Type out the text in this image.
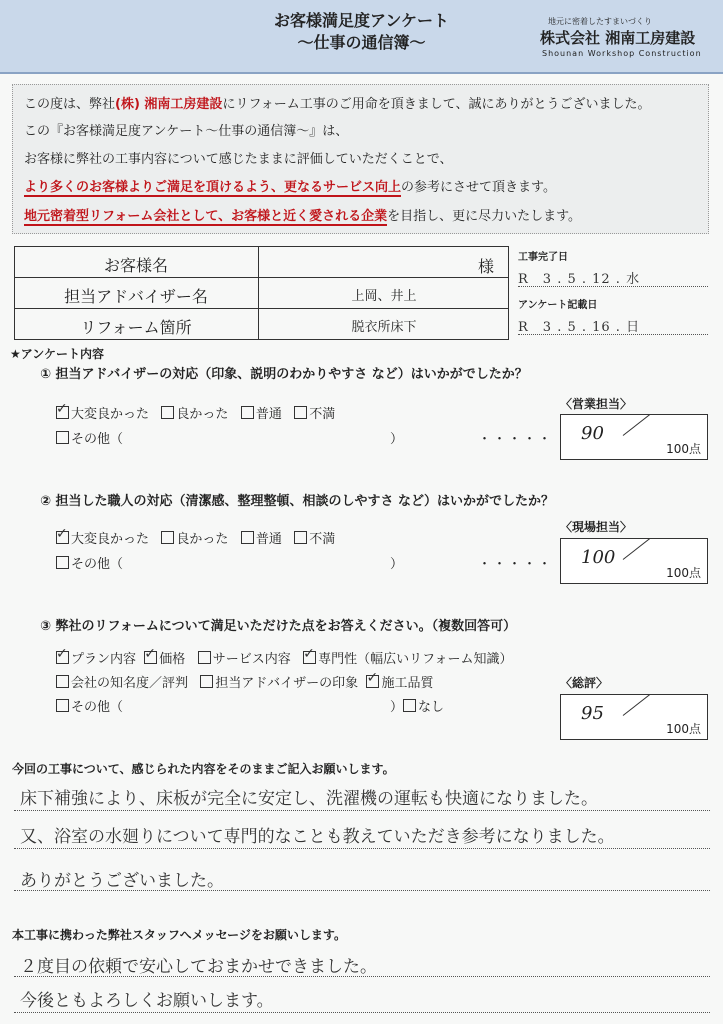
お客様満足度アンケート
～仕事の通信簿～
地元に密着したすまいづくり
株式会社 湘南工房建設
Shounan Workshop Construction
この度は、弊社(株) 湘南工房建設にリフォーム工事のご用命を頂きまして、誠にありがとうございました。
この『お客様満足度アンケート～仕事の通信簿～』は、
お客様に弊社の工事内容について感じたままに評価していただくことで、
より多くのお客様よりご満足を頂けるよう、更なるサービス向上の参考にさせて頂きます。
地元密着型リフォーム会社として、お客様と近く愛される企業を目指し、更に尽力いたします。
お客様名	様
担当アドバイザー名	上岡、井上
リフォーム箇所	脱衣所床下
工事完了日
R　3 . 5 . 12 . 水
アンケート記載日
R　3 . 5 . 16 . 日
★アンケート内容
① 担当アドバイザーの対応（印象、説明のわかりやすさ など）はいかがでしたか？
✓大変良かった 良かった 普通 不満
その他（	）	・・・・・
〈営業担当〉
90
100点
② 担当した職人の対応（清潔感、整理整頓、相談のしやすさ など）はいかがでしたか？
✓大変良かった 良かった 普通 不満
その他（	）	・・・・・
〈現場担当〉
100
100点
③ 弊社のリフォームについて満足いただけた点をお答えください。（複数回答可）
✓プラン内容 ✓ 価格 サービス内容 ✓ 専門性（幅広いリフォーム知識）
会社の知名度／評判 担当アドバイザーの印象 ✓ 施工品質
その他（	） なし
〈総評〉
95
100点
今回の工事について、感じられた内容をそのままご記入お願いします。
床下補強により、床板が完全に安定し、洗濯機の運転も快適になりました。
又、浴室の水廻りについて専門的なことも教えていただき参考になりました。
ありがとうございました。
本工事に携わった弊社スタッフへメッセージをお願いします。
２度目の依頼で安心しておまかせできました。
今後ともよろしくお願いします。
